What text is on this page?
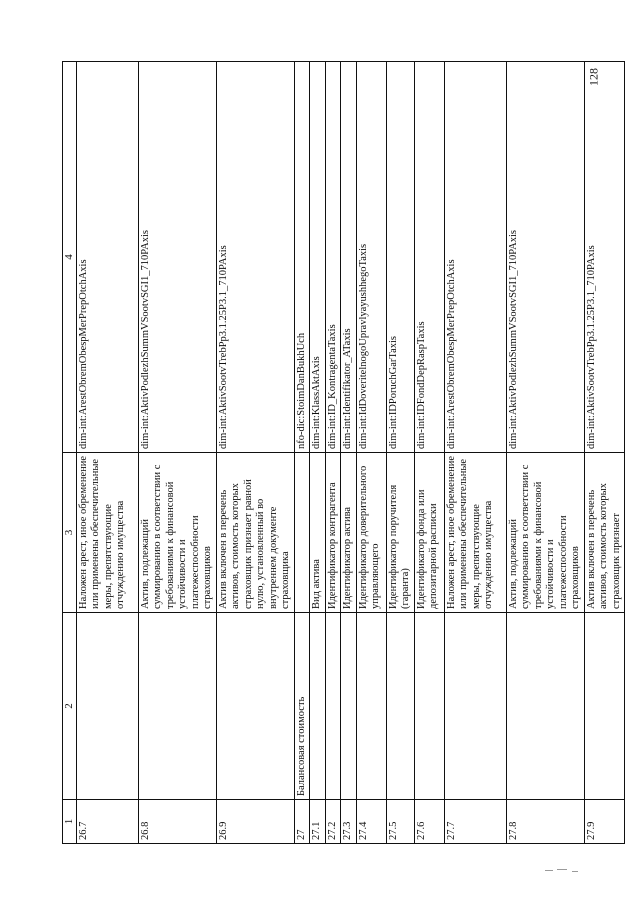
128
1	2	3	4
26.7		Наложен арест, иное обременение или применены обеспечительные меры, препятствующие отчуждению имущества	dim-int:ArestObremObespMerPrepOtchAxis
26.8		Актив, подлежащий суммированию в соответствии с требованиями к финансовой устойчивости и платежеспособности страховщиков	dim-int:AktivPodlezhSummVSootvSGI1_710PAxis
26.9		Актив включен в перечень активов, стоимость которых страховщик признает равной нулю, установленный во внутреннем документе страховщика	dim-int:AktivSootvTrebPp3.1.25P3.1_710PAxis
27	Балансовая стоимость		nfo-dic:StoimDanBukhUch
27.1		Вид актива	dim-int:KlassAktAxis
27.2		Идентификатор контрагента	dim-int:ID_KontragentaTaxis
27.3		Идентификатор актива	dim-int:Identifikator_ATaxis
27.4		Идентификатор доверительного управляющего	dim-int:IdDoveritelnogoUpravlyayushhegoTaxis
27.5		Идентификатор поручителя (гаранта)	dim-int:IDPoruchGarTaxis
27.6		Идентификатор фонда или депозитарной расписки	dim-int:IDFondDepRaspTaxis
27.7		Наложен арест, иное обременение или применены обеспечительные меры, препятствующие отчуждению имущества	dim-int:ArestObremObespMerPrepOtchAxis
27.8		Актив, подлежащий суммированию в соответствии с требованиями к финансовой устойчивости и платежеспособности страховщиков	dim-int:AktivPodlezhSummVSootvSGI1_710PAxis
27.9		Актив включен в перечень активов, стоимость которых страховщик признает	dim-int:AktivSootvTrebPp3.1.25P3.1_710PAxis
